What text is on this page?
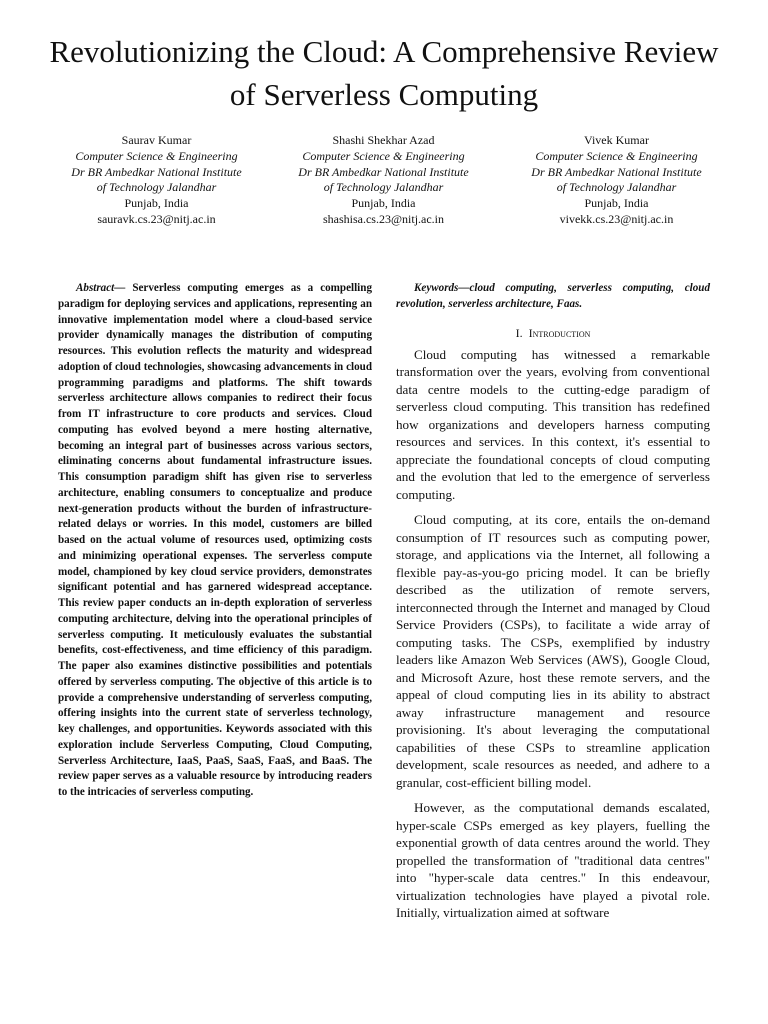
Revolutionizing the Cloud: A Comprehensive Review of Serverless Computing
Saurav Kumar
Computer Science & Engineering
Dr BR Ambedkar National Institute
of Technology Jalandhar
Punjab, India
sauravk.cs.23@nitj.ac.in
Shashi Shekhar Azad
Computer Science & Engineering
Dr BR Ambedkar National Institute
of Technology Jalandhar
Punjab, India
shashisa.cs.23@nitj.ac.in
Vivek Kumar
Computer Science & Engineering
Dr BR Ambedkar National Institute
of Technology Jalandhar
Punjab, India
vivekk.cs.23@nitj.ac.in

Abstract— Serverless computing emerges as a compelling paradigm for deploying services and applications, representing an innovative implementation model where a cloud-based service provider dynamically manages the distribution of computing resources. This evolution reflects the maturity and widespread adoption of cloud technologies, showcasing advancements in cloud programming paradigms and platforms. The shift towards serverless architecture allows companies to redirect their focus from IT infrastructure to core products and services. Cloud computing has evolved beyond a mere hosting alternative, becoming an integral part of businesses across various sectors, eliminating concerns about fundamental infrastructure issues. This consumption paradigm shift has given rise to serverless architecture, enabling consumers to conceptualize and produce next-generation products without the burden of infrastructure-related delays or worries. In this model, customers are billed based on the actual volume of resources used, optimizing costs and minimizing operational expenses. The serverless compute model, championed by key cloud service providers, demonstrates significant potential and has garnered widespread acceptance. This review paper conducts an in-depth exploration of serverless computing architecture, delving into the operational principles of serverless computing. It meticulously evaluates the substantial benefits, cost-effectiveness, and time efficiency of this paradigm. The paper also examines distinctive possibilities and potentials offered by serverless computing. The objective of this article is to provide a comprehensive understanding of serverless computing, offering insights into the current state of serverless technology, key challenges, and opportunities. Keywords associated with this exploration include Serverless Computing, Cloud Computing, Serverless Architecture, IaaS, PaaS, SaaS, FaaS, and BaaS. The review paper serves as a valuable resource by introducing readers to the intricacies of serverless computing.

Keywords—cloud computing, serverless computing, cloud revolution, serverless architecture, Faas.

I. Introduction

Cloud computing has witnessed a remarkable transformation over the years, evolving from conventional data centre models to the cutting-edge paradigm of serverless cloud computing. This transition has redefined how organizations and developers harness computing resources and services. In this context, it's essential to appreciate the foundational concepts of cloud computing and the evolution that led to the emergence of serverless computing.

Cloud computing, at its core, entails the on-demand consumption of IT resources such as computing power, storage, and applications via the Internet, all following a flexible pay-as-you-go pricing model. It can be briefly described as the utilization of remote servers, interconnected through the Internet and managed by Cloud Service Providers (CSPs), to facilitate a wide array of computing tasks. The CSPs, exemplified by industry leaders like Amazon Web Services (AWS), Google Cloud, and Microsoft Azure, host these remote servers, and the appeal of cloud computing lies in its ability to abstract away infrastructure management and resource provisioning. It's about leveraging the computational capabilities of these CSPs to streamline application development, scale resources as needed, and adhere to a granular, cost-efficient billing model.

However, as the computational demands escalated, hyper-scale CSPs emerged as key players, fuelling the exponential growth of data centres around the world. They propelled the transformation of "traditional data centres" into "hyper-scale data centres." In this endeavour, virtualization technologies have played a pivotal role. Initially, virtualization aimed at software
